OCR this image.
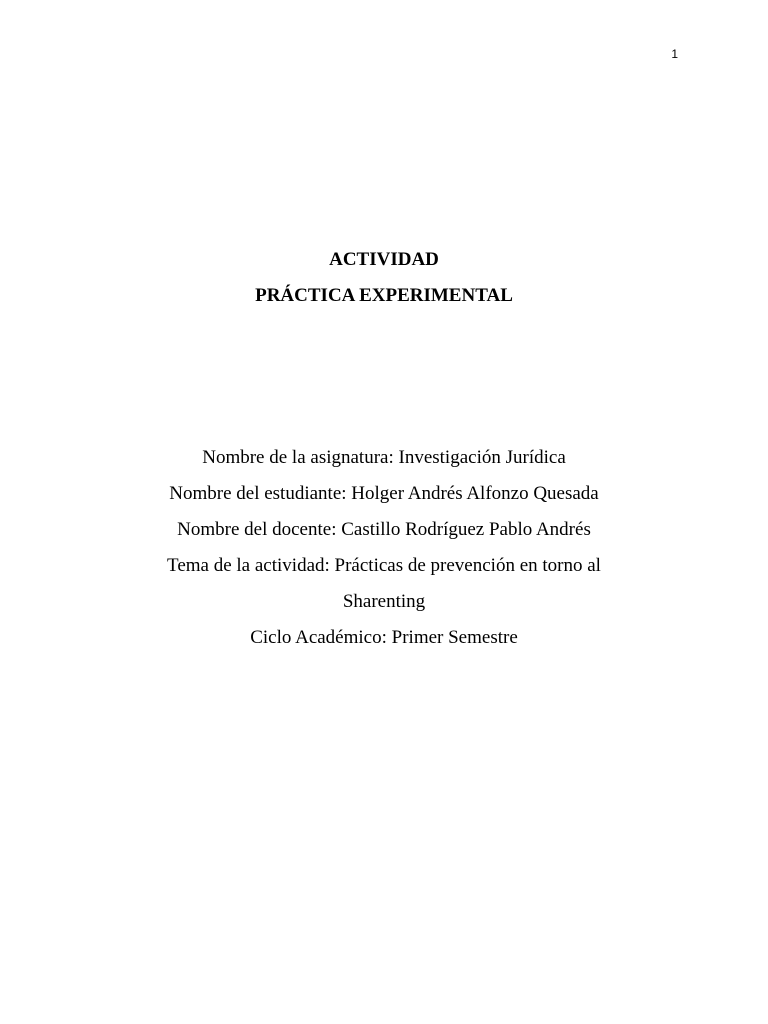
1

ACTIVIDAD

PRÁCTICA EXPERIMENTAL

Nombre de la asignatura: Investigación Jurídica

Nombre del estudiante: Holger Andrés Alfonzo Quesada

Nombre del docente: Castillo Rodríguez Pablo Andrés

Tema de la actividad: Prácticas de prevención en torno al Sharenting

Ciclo Académico: Primer Semestre
